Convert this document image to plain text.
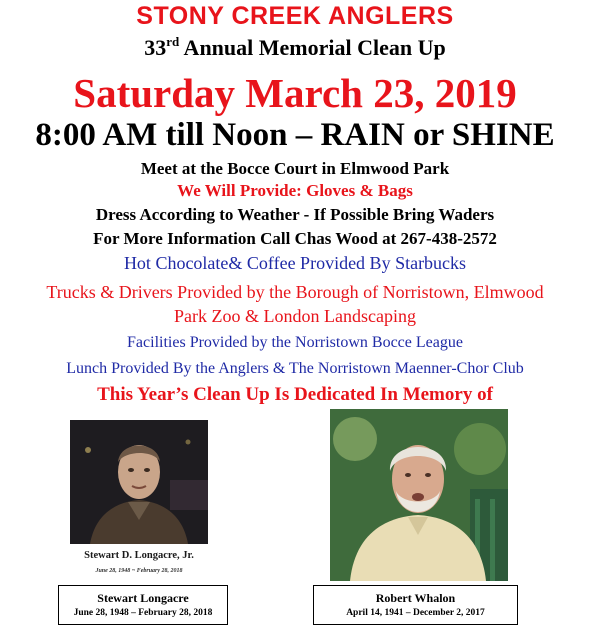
STONY CREEK ANGLERS
33rd Annual Memorial Clean Up
Saturday March 23, 2019
8:00 AM till Noon – RAIN or SHINE
Meet at the Bocce Court in Elmwood Park
We Will Provide: Gloves & Bags
Dress According to Weather - If Possible Bring Waders
For More Information Call Chas Wood at 267-438-2572
Hot Chocolate& Coffee Provided By Starbucks
Trucks & Drivers Provided by the Borough of Norristown, Elmwood
Park Zoo & London Landscaping
Facilities Provided by the Norristown Bocce League
Lunch Provided By the Anglers & The Norristown Maenner-Chor Club
This Year’s Clean Up Is Dedicated In Memory of
Stewart D. Longacre, Jr.
June 28, 1948 ~ February 28, 2018
Stewart Longacre
June 28, 1948 – February 28, 2018
Robert Whalon
April 14, 1941 – December 2, 2017
